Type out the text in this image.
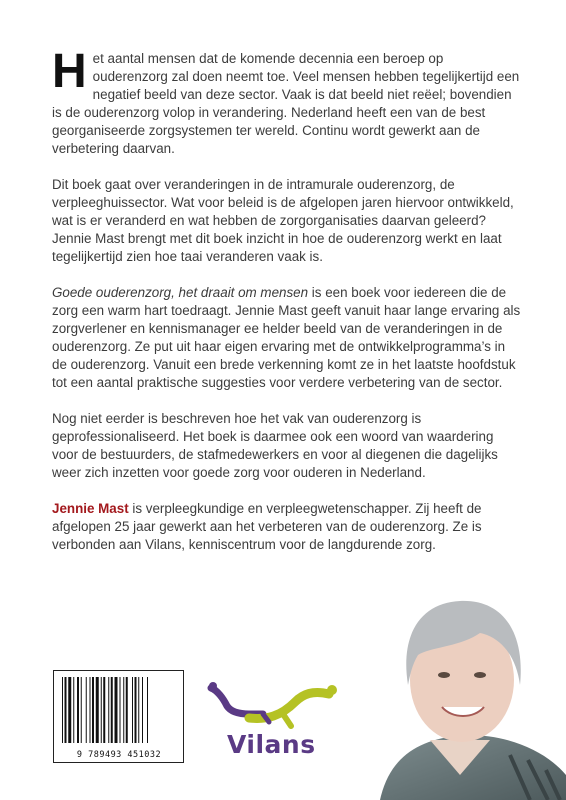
Het aantal mensen dat de komende decennia een beroep op ouderenzorg zal doen neemt toe. Veel mensen hebben tegelijkertijd een negatief beeld van deze sector. Vaak is dat beeld niet reëel; bovendien is de ouderenzorg volop in verandering. Nederland heeft een van de best georganiseerde zorgsystemen ter wereld. Continu wordt gewerkt aan de verbetering daarvan.

Dit boek gaat over veranderingen in de intramurale ouderenzorg, de verpleeghuissector. Wat voor beleid is de afgelopen jaren hiervoor ontwikkeld, wat is er veranderd en wat hebben de zorgorganisaties daarvan geleerd? Jennie Mast brengt met dit boek inzicht in hoe de ouderenzorg werkt en laat tegelijkertijd zien hoe taai veranderen vaak is.

Goede ouderenzorg, het draait om mensen is een boek voor iedereen die de zorg een warm hart toedraagt. Jennie Mast geeft vanuit haar lange ervaring als zorgverlener en kennismanager ee helder beeld van de veranderingen in de ouderenzorg. Ze put uit haar eigen ervaring met de ontwikkelprogramma’s in de ouderenzorg. Vanuit een brede verkenning komt ze in het laatste hoofdstuk tot een aantal praktische suggesties voor verdere verbetering van de sector.

Nog niet eerder is beschreven hoe het vak van ouderenzorg is geprofessionaliseerd. Het boek is daarmee ook een woord van waardering voor de bestuurders, de stafmedewerkers en voor al diegenen die dagelijks weer zich inzetten voor goede zorg voor ouderen in Nederland.

Jennie Mast is verpleegkundige en verpleegwetenschapper. Zij heeft de afgelopen 25 jaar gewerkt aan het verbeteren van de ouderenzorg. Ze is verbonden aan Vilans, kenniscentrum voor de langdurende zorg.

9 789493 451032	Vilans
